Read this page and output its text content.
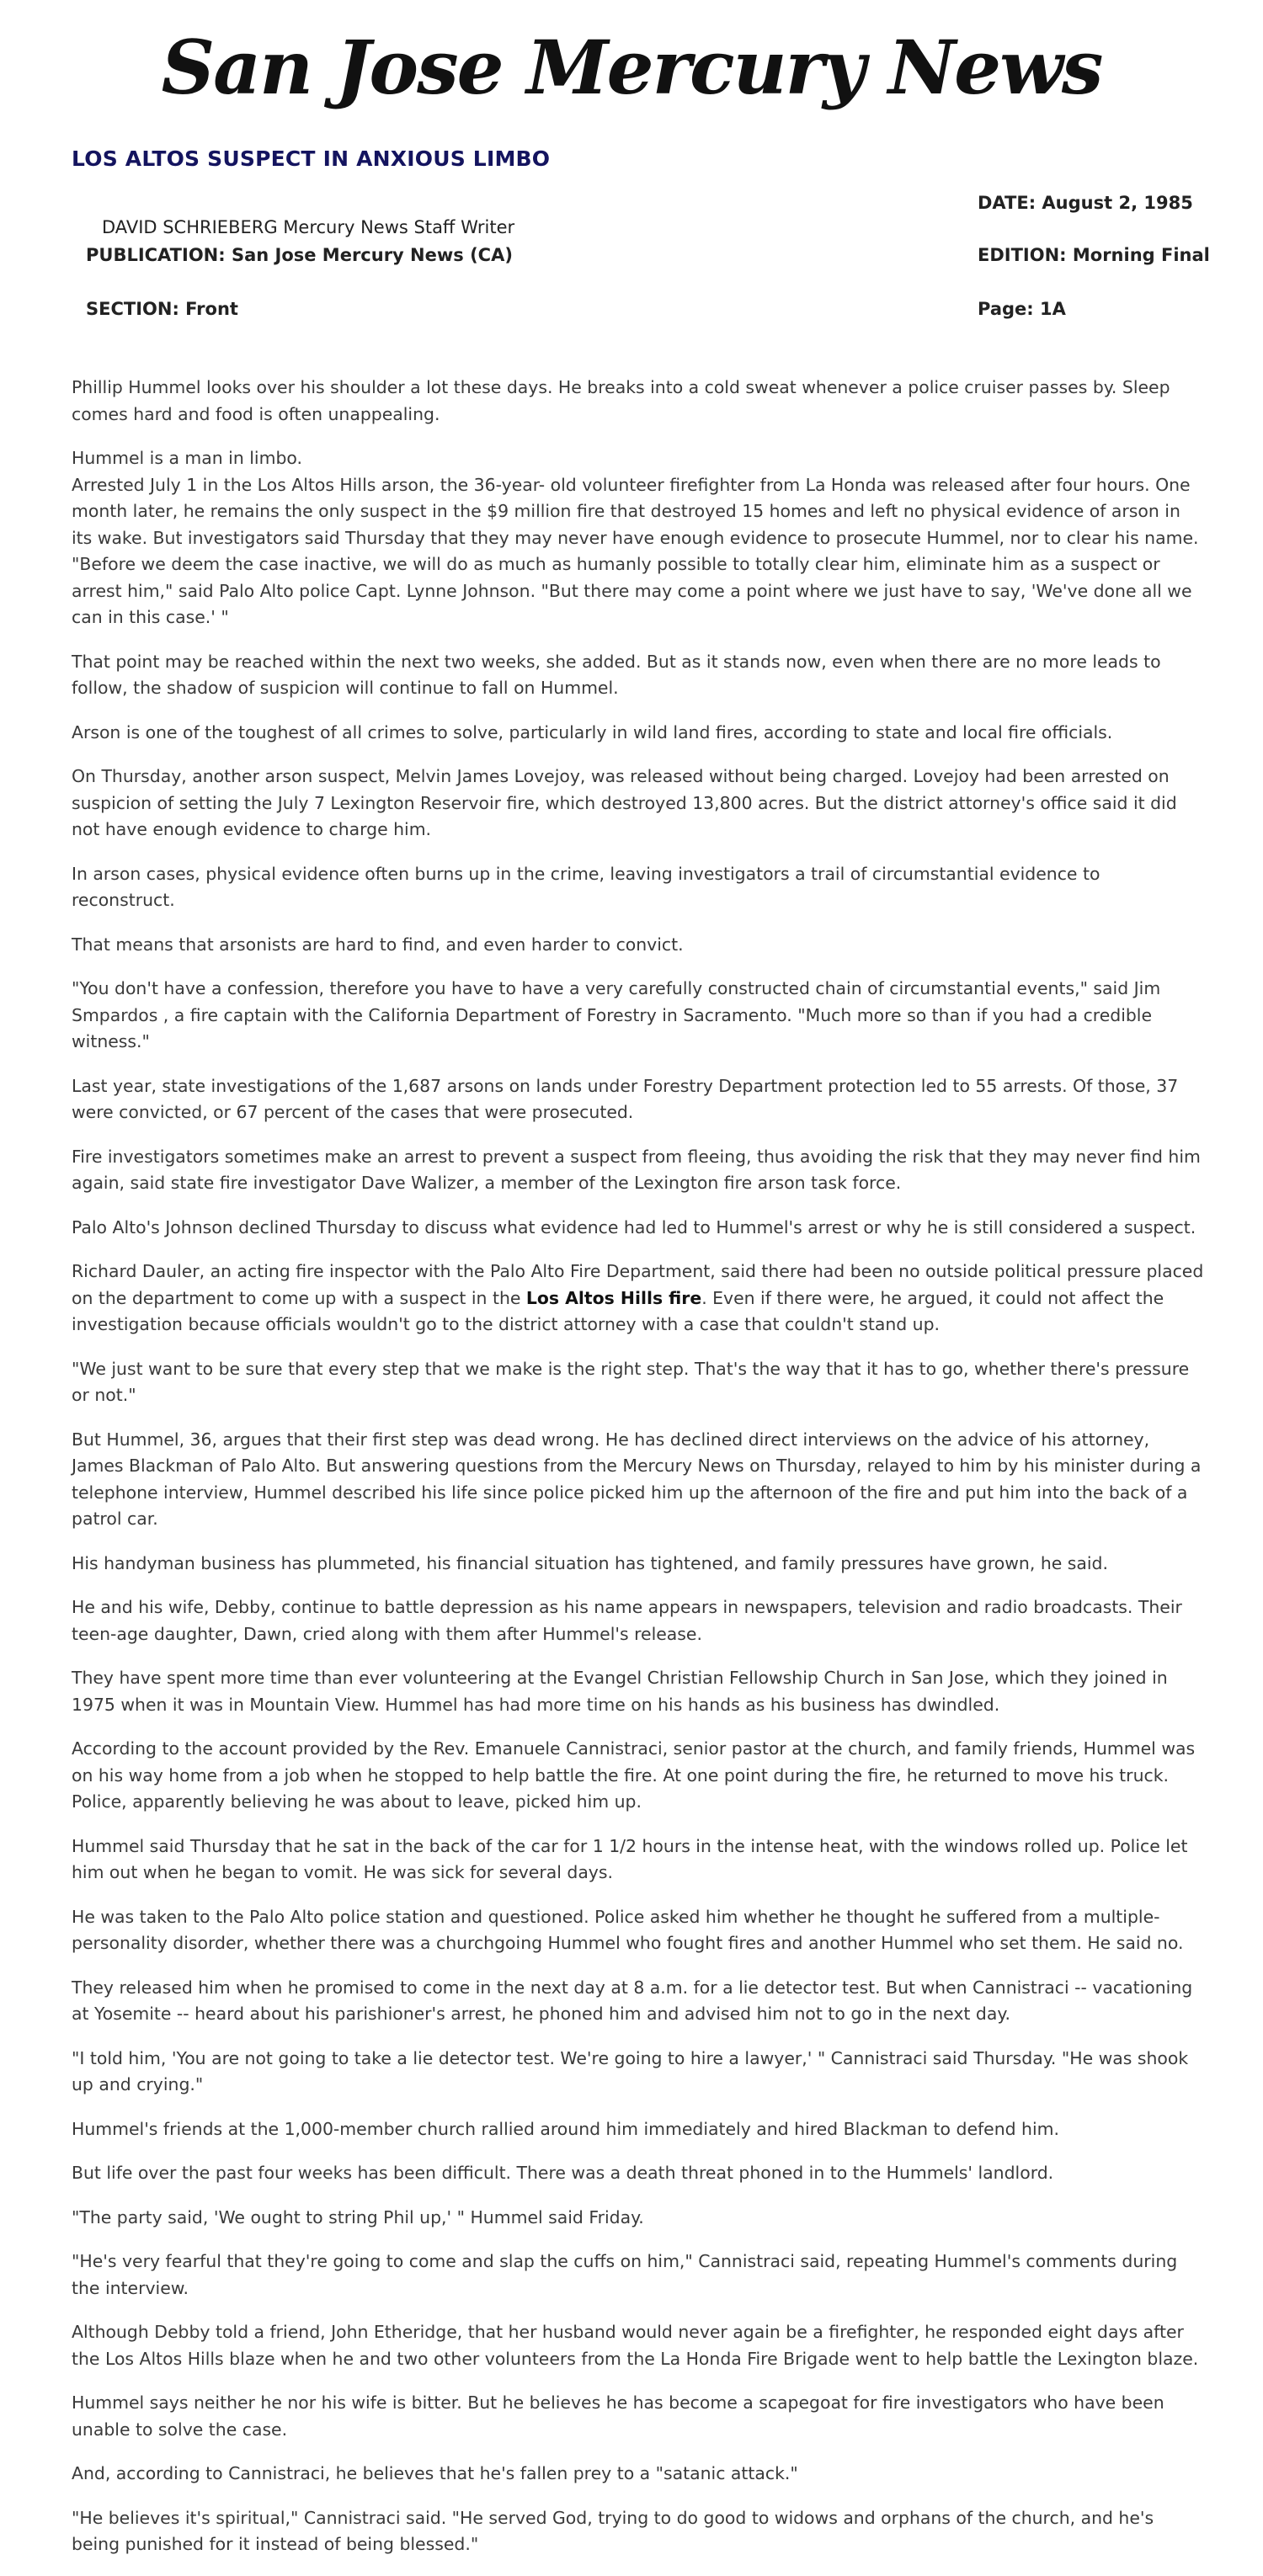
San Jose Mercury News
LOS ALTOS SUSPECT IN ANXIOUS LIMBO
DATE: August 2, 1985
DAVID SCHRIEBERG Mercury News Staff Writer
PUBLICATION: San Jose Mercury News (CA)	EDITION: Morning Final
SECTION: Front	Page: 1A

Phillip Hummel looks over his shoulder a lot these days. He breaks into a cold sweat whenever a police cruiser passes by. Sleep comes hard and food is often unappealing.

Hummel is a man in limbo.

Arrested July 1 in the Los Altos Hills arson, the 36-year- old volunteer firefighter from La Honda was released after four hours. One month later, he remains the only suspect in the $9 million fire that destroyed 15 homes and left no physical evidence of arson in its wake. But investigators said Thursday that they may never have enough evidence to prosecute Hummel, nor to clear his name. "Before we deem the case inactive, we will do as much as humanly possible to totally clear him, eliminate him as a suspect or arrest him," said Palo Alto police Capt. Lynne Johnson. "But there may come a point where we just have to say, 'We've done all we can in this case.' "

That point may be reached within the next two weeks, she added. But as it stands now, even when there are no more leads to follow, the shadow of suspicion will continue to fall on Hummel.

Arson is one of the toughest of all crimes to solve, particularly in wild land fires, according to state and local fire officials.

On Thursday, another arson suspect, Melvin James Lovejoy, was released without being charged. Lovejoy had been arrested on suspicion of setting the July 7 Lexington Reservoir fire, which destroyed 13,800 acres. But the district attorney's office said it did not have enough evidence to charge him.

In arson cases, physical evidence often burns up in the crime, leaving investigators a trail of circumstantial evidence to reconstruct.

That means that arsonists are hard to find, and even harder to convict.

"You don't have a confession, therefore you have to have a very carefully constructed chain of circumstantial events," said Jim Smpardos , a fire captain with the California Department of Forestry in Sacramento. "Much more so than if you had a credible witness."

Last year, state investigations of the 1,687 arsons on lands under Forestry Department protection led to 55 arrests. Of those, 37 were convicted, or 67 percent of the cases that were prosecuted.

Fire investigators sometimes make an arrest to prevent a suspect from fleeing, thus avoiding the risk that they may never find him again, said state fire investigator Dave Walizer, a member of the Lexington fire arson task force.

Palo Alto's Johnson declined Thursday to discuss what evidence had led to Hummel's arrest or why he is still considered a suspect.

Richard Dauler, an acting fire inspector with the Palo Alto Fire Department, said there had been no outside political pressure placed on the department to come up with a suspect in the Los Altos Hills fire. Even if there were, he argued, it could not affect the investigation because officials wouldn't go to the district attorney with a case that couldn't stand up.

"We just want to be sure that every step that we make is the right step. That's the way that it has to go, whether there's pressure or not."

But Hummel, 36, argues that their first step was dead wrong. He has declined direct interviews on the advice of his attorney, James Blackman of Palo Alto. But answering questions from the Mercury News on Thursday, relayed to him by his minister during a telephone interview, Hummel described his life since police picked him up the afternoon of the fire and put him into the back of a patrol car.

His handyman business has plummeted, his financial situation has tightened, and family pressures have grown, he said.

He and his wife, Debby, continue to battle depression as his name appears in newspapers, television and radio broadcasts. Their teen-age daughter, Dawn, cried along with them after Hummel's release.

They have spent more time than ever volunteering at the Evangel Christian Fellowship Church in San Jose, which they joined in 1975 when it was in Mountain View. Hummel has had more time on his hands as his business has dwindled.

According to the account provided by the Rev. Emanuele Cannistraci, senior pastor at the church, and family friends, Hummel was on his way home from a job when he stopped to help battle the fire. At one point during the fire, he returned to move his truck. Police, apparently believing he was about to leave, picked him up.

Hummel said Thursday that he sat in the back of the car for 1 1/2 hours in the intense heat, with the windows rolled up. Police let him out when he began to vomit. He was sick for several days.

He was taken to the Palo Alto police station and questioned. Police asked him whether he thought he suffered from a multiple-personality disorder, whether there was a churchgoing Hummel who fought fires and another Hummel who set them. He said no.

They released him when he promised to come in the next day at 8 a.m. for a lie detector test. But when Cannistraci -- vacationing at Yosemite -- heard about his parishioner's arrest, he phoned him and advised him not to go in the next day.

"I told him, 'You are not going to take a lie detector test. We're going to hire a lawyer,' " Cannistraci said Thursday. "He was shook up and crying."

Hummel's friends at the 1,000-member church rallied around him immediately and hired Blackman to defend him.

But life over the past four weeks has been difficult. There was a death threat phoned in to the Hummels' landlord.

"The party said, 'We ought to string Phil up,' " Hummel said Friday.

"He's very fearful that they're going to come and slap the cuffs on him," Cannistraci said, repeating Hummel's comments during the interview.

Although Debby told a friend, John Etheridge, that her husband would never again be a firefighter, he responded eight days after the Los Altos Hills blaze when he and two other volunteers from the La Honda Fire Brigade went to help battle the Lexington blaze.

Hummel says neither he nor his wife is bitter. But he believes he has become a scapegoat for fire investigators who have been unable to solve the case.

And, according to Cannistraci, he believes that he's fallen prey to a "satanic attack."

"He believes it's spiritual," Cannistraci said. "He served God, trying to do good to widows and orphans of the church, and he's being punished for it instead of being blessed."
